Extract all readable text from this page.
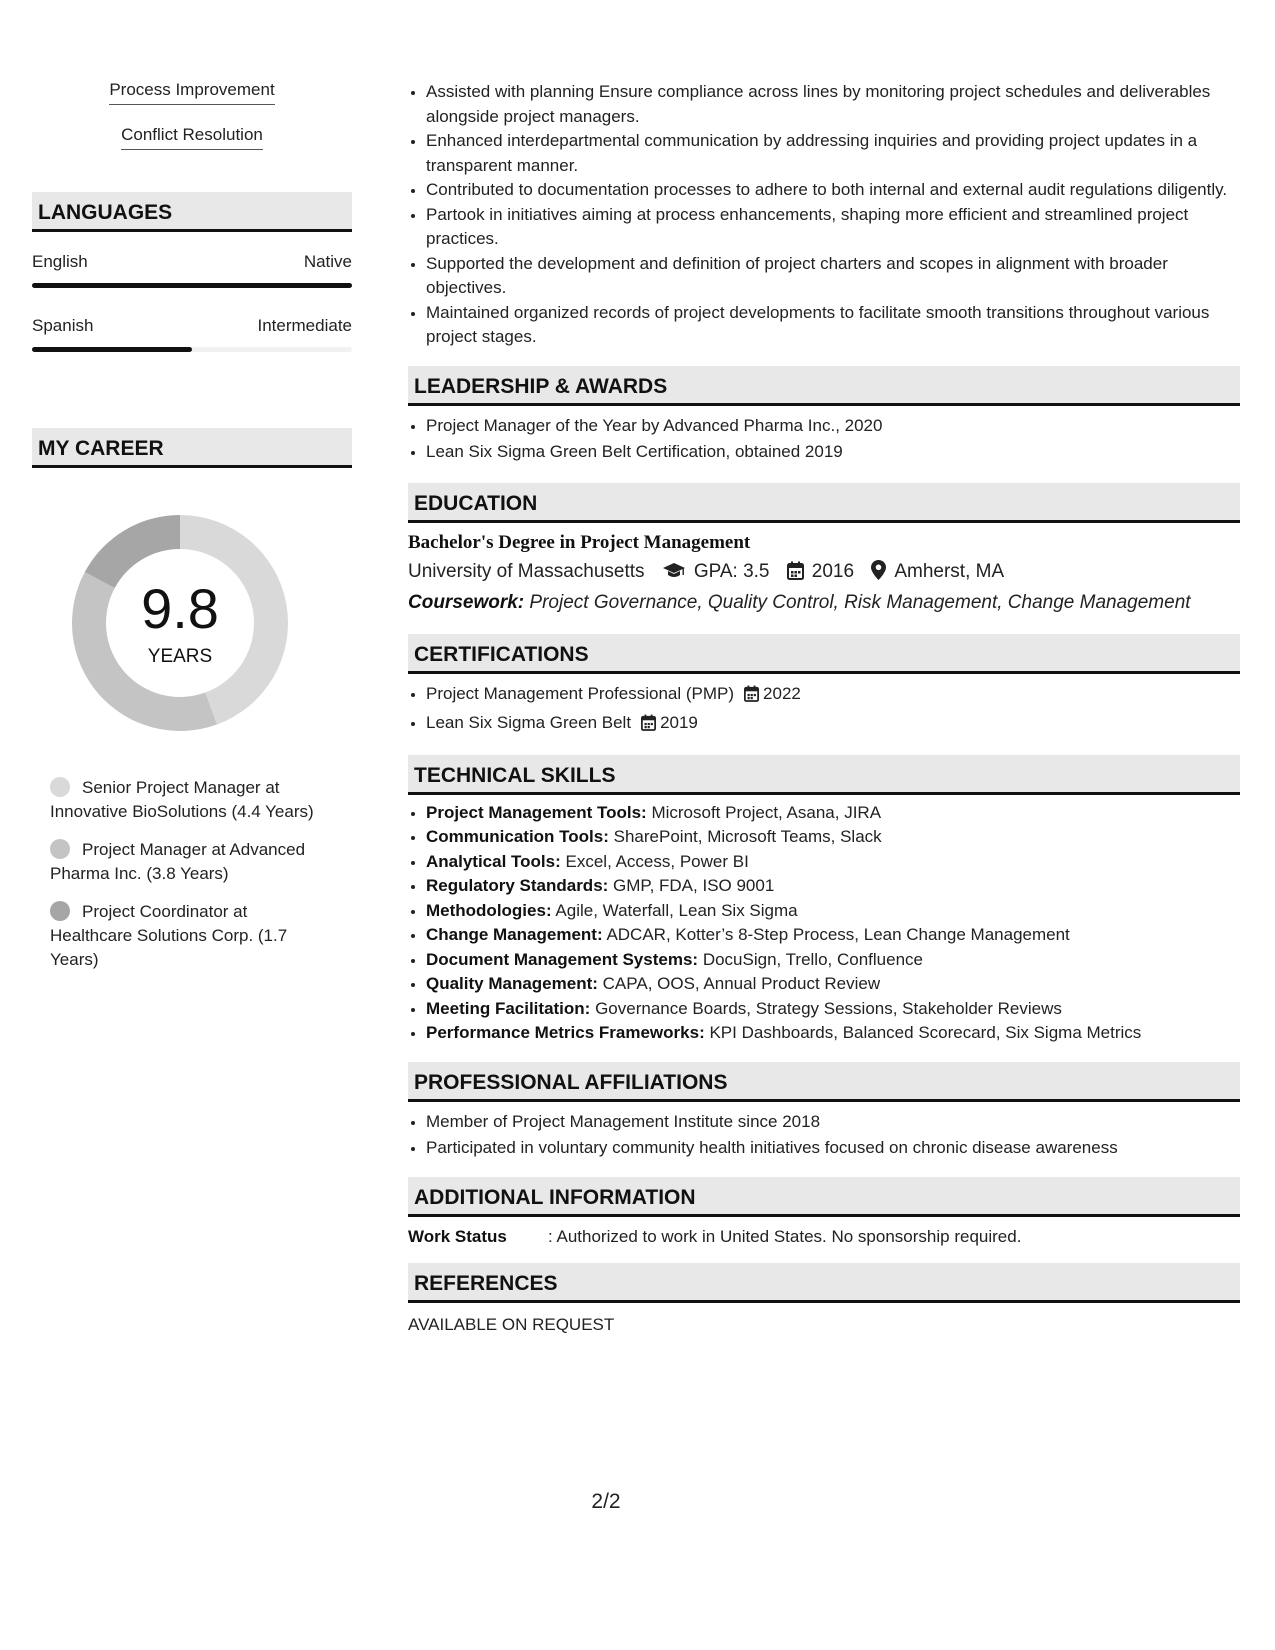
Process Improvement
Conflict Resolution
LANGUAGES
English	Native
Spanish	Intermediate
MY CAREER
9.8
YEARS
Senior Project Manager at Innovative BioSolutions (4.4 Years)
Project Manager at Advanced Pharma Inc. (3.8 Years)
Project Coordinator at Healthcare Solutions Corp. (1.7 Years)
• Assisted with planning Ensure compliance across lines by monitoring project schedules and deliverables alongside project managers.
• Enhanced interdepartmental communication by addressing inquiries and providing project updates in a transparent manner.
• Contributed to documentation processes to adhere to both internal and external audit regulations diligently.
• Partook in initiatives aiming at process enhancements, shaping more efficient and streamlined project practices.
• Supported the development and definition of project charters and scopes in alignment with broader objectives.
• Maintained organized records of project developments to facilitate smooth transitions throughout various project stages.
LEADERSHIP & AWARDS
• Project Manager of the Year by Advanced Pharma Inc., 2020
• Lean Six Sigma Green Belt Certification, obtained 2019
EDUCATION
Bachelor's Degree in Project Management
University of Massachusetts	GPA: 3.5 2016 Amherst, MA
Coursework: Project Governance, Quality Control, Risk Management, Change Management
CERTIFICATIONS
• Project Management Professional (PMP) 2022
• Lean Six Sigma Green Belt 2019
TECHNICAL SKILLS
• Project Management Tools: Microsoft Project, Asana, JIRA
• Communication Tools: SharePoint, Microsoft Teams, Slack
• Analytical Tools: Excel, Access, Power BI
• Regulatory Standards: GMP, FDA, ISO 9001
• Methodologies: Agile, Waterfall, Lean Six Sigma
• Change Management: ADCAR, Kotter’s 8-Step Process, Lean Change Management
• Document Management Systems: DocuSign, Trello, Confluence
• Quality Management: CAPA, OOS, Annual Product Review
• Meeting Facilitation: Governance Boards, Strategy Sessions, Stakeholder Reviews
• Performance Metrics Frameworks: KPI Dashboards, Balanced Scorecard, Six Sigma Metrics
PROFESSIONAL AFFILIATIONS
• Member of Project Management Institute since 2018
• Participated in voluntary community health initiatives focused on chronic disease awareness
ADDITIONAL INFORMATION
Work Status : Authorized to work in United States. No sponsorship required.
REFERENCES
AVAILABLE ON REQUEST
2/2
